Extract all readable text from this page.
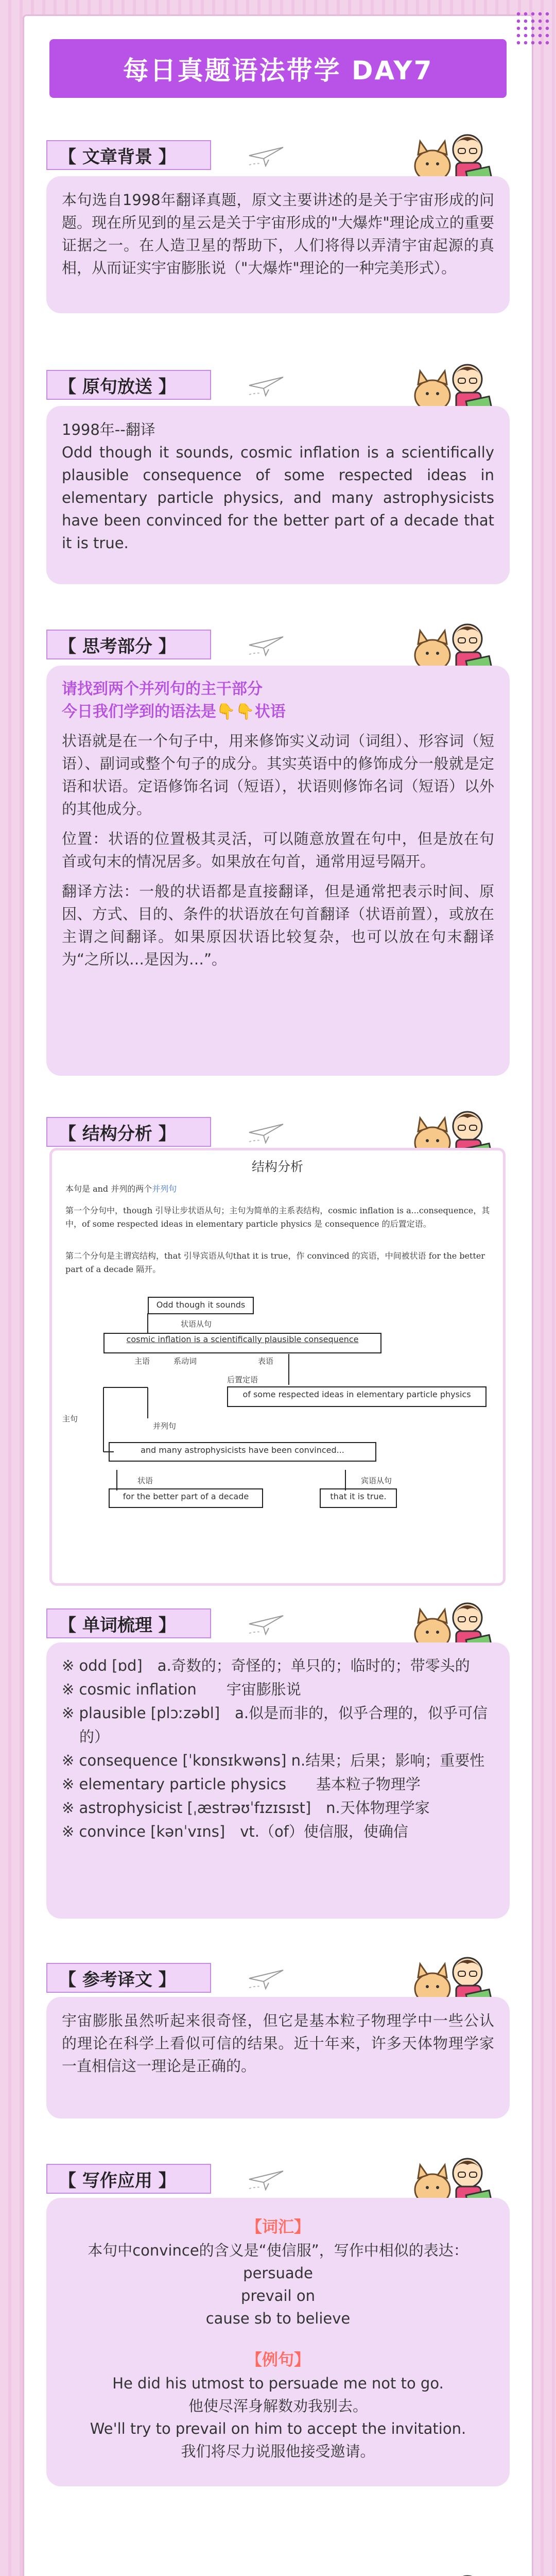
每日真题语法带学 DAY7
【 文章背景 】

本句选自1998年翻译真题，原文主要讲述的是关于宇宙形成的问题。现在所见到的星云是关于宇宙形成的"大爆炸"理论成立的重要证据之一。在人造卫星的帮助下，人们将得以弄清宇宙起源的真相，从而证实宇宙膨胀说（"大爆炸"理论的一种完美形式）。

【 原句放送 】

1998年--翻译

Odd though it sounds, cosmic inflation is a scientifically plausible consequence of some respected ideas in elementary particle physics, and many astrophysicists have been convinced for the better part of a decade that it is true.

【 思考部分 】
请找到两个并列句的主干部分
今日我们学到的语法是👇👇状语

状语就是在一个句子中，用来修饰实义动词（词组）、形容词（短语）、副词或整个句子的成分。其实英语中的修饰成分一般就是定语和状语。定语修饰名词（短语），状语则修饰名词（短语）以外的其他成分。

位置：状语的位置极其灵活，可以随意放置在句中，但是放在句首或句末的情况居多。如果放在句首，通常用逗号隔开。

翻译方法：一般的状语都是直接翻译，但是通常把表示时间、原因、方式、目的、条件的状语放在句首翻译（状语前置），或放在主谓之间翻译。如果原因状语比较复杂，也可以放在句末翻译为“之所以…是因为…”。

【 结构分析 】
结构分析
本句是 and 并列的两个并列句
第一个分句中，though 引导让步状语从句；主句为简单的主系表结构，cosmic inflation is a...consequence，其中，of some respected ideas in elementary particle physics 是 consequence 的后置定语。
第二个分句是主谓宾结构，that 引导宾语从句that it is true，作 convinced 的宾语，中间被状语 for the better part of a decade 隔开。
主句
Odd though it sounds
状语从句
cosmic inflation is a scientifically plausible consequence
主语	系动词	表语
后置定语
of some respected ideas in elementary particle physics
并列句
and many astrophysicists have been convinced...
状语	宾语从句
for the better part of a decade	that it is true.
【 单词梳理 】
※ odd [ɒd]　a.奇数的；奇怪的；单只的；临时的；带零头的
※ cosmic inflation　　宇宙膨胀说
※ plausible [plɔːzəbl]　a.似是而非的，似乎合理的，似乎可信的）
※ consequence [ˈkɒnsɪkwəns] n.结果；后果；影响；重要性
※ elementary particle physics　　基本粒子物理学
※ astrophysicist [ˌæstrəʊˈfɪzɪsɪst]　n.天体物理学家
※ convince [kənˈvɪns]　vt.（of）使信服，使确信
【 参考译文 】

宇宙膨胀虽然听起来很奇怪，但它是基本粒子物理学中一些公认的理论在科学上看似可信的结果。近十年来，许多天体物理学家一直相信这一理论是正确的。

【 写作应用 】
【词汇】
本句中convince的含义是“使信服”，写作中相似的表达：
persuade
prevail on
cause sb to believe
【例句】
He did his utmost to persuade me not to go.
他使尽浑身解数劝我别去。
We'll try to prevail on him to accept the invitation.
我们将尽力说服他接受邀请。
